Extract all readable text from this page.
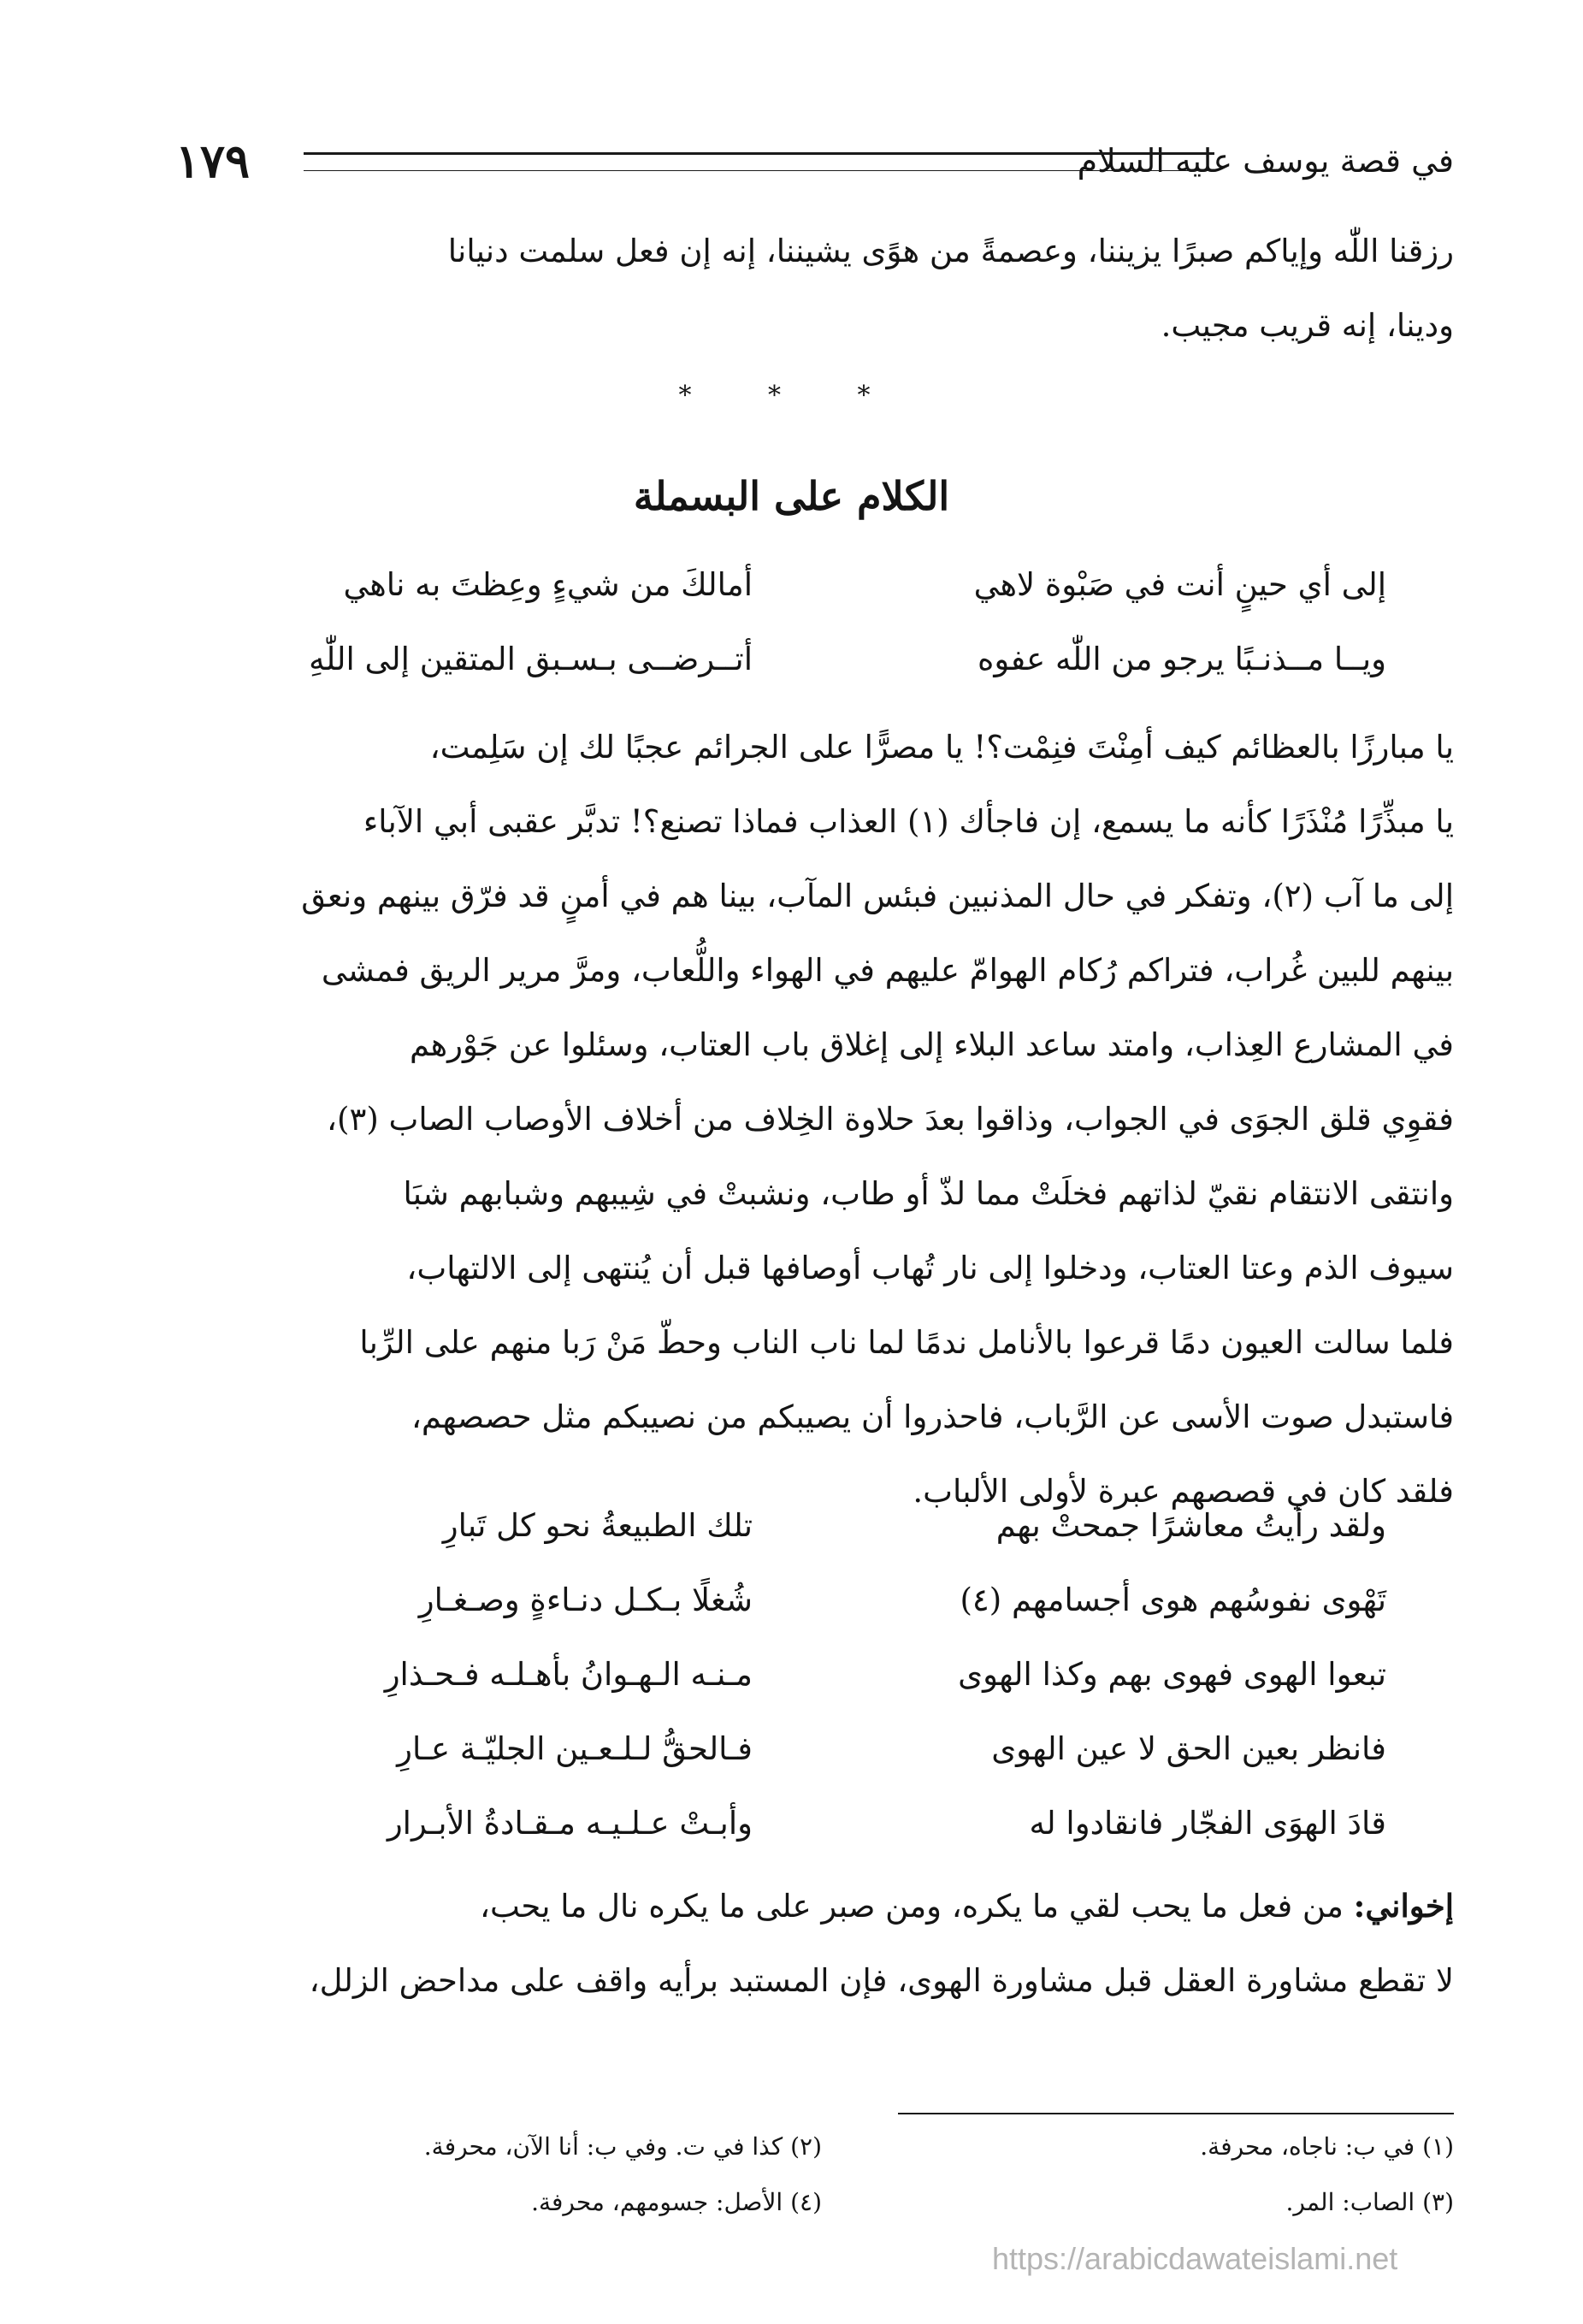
في قصة يوسف عليه السلام
١٧٩
رزقنا اللّٰه وإياكم صبرًا يزيننا، وعصمةً من هوًى يشيننا، إنه إن فعل سلمت دنيانا
ودينا، إنه قريب مجيب.
* * *
الكلام على البسملة
إلى أي حينٍ أنت في صَبْوة لاهي
أمالكَ من شيءٍ وعِظتَ به ناهي
ويــا مــذنـبًا يرجو من اللّٰه عفوه
أتــرضــى بـسـبق المتقين إلى اللّٰهِ
يا مبارزًا بالعظائم كيف أمِنْتَ فنِمْت؟! يا مصرًّا على الجرائم عجبًا لك إن سَلِمت،
يا مبذِّرًا مُنْذَرًا كأنه ما يسمع، إن فاجأك (١) العذاب فماذا تصنع؟! تدبَّر عقبى أبي الآباء
إلى ما آب (٢)، وتفكر في حال المذنبين فبئس المآب، بينا هم في أمنٍ قد فرّق بينهم ونعق
بينهم للبين غُراب، فتراكم رُكام الهوامّ عليهم في الهواء واللُّعاب، ومرَّ مرير الريق فمشى
في المشارع العِذاب، وامتد ساعد البلاء إلى إغلاق باب العتاب، وسئلوا عن جَوْرهم
فقوِي قلق الجوَى في الجواب، وذاقوا بعدَ حلاوة الخِلاف من أخلاف الأوصاب الصاب (٣)،
وانتقى الانتقام نقيّ لذاتهم فخلَتْ مما لذّ أو طاب، ونشبتْ في شِيبهم وشبابهم شبَا
سيوف الذم وعتا العتاب، ودخلوا إلى نار تُهاب أوصافها قبل أن يُنتهى إلى الالتهاب،
فلما سالت العيون دمًا قرعوا بالأنامل ندمًا لما ناب الناب وحطّ مَنْ رَبا منهم على الرِّبا
فاستبدل صوت الأسى عن الرَّباب، فاحذروا أن يصيبكم من نصيبكم مثل حصصهم،
فلقد كان في قصصهم عبرة لأولى الألباب.
ولقد رأيتُ معاشرًا جمحتْ بهم
تلك الطبيعةُ نحو كل تَبارِ
تَهْوى نفوسُهم هوى أجسامهم (٤)
شُغلًا بـكـل دنـاءةٍ وصـغـارِ
تبعوا الهوى فهوى بهم وكذا الهوى
مـنـه الـهـوانُ بأهـلـه فـحـذارِ
فانظر بعين الحق لا عين الهوى
فـالحقُّ لـلـعـين الجليّـة عـارِ
قادَ الهوَى الفجّار فانقادوا له
وأبـتْ عـلـيـه مـقـادةُ الأبـرار
إخواني: من فعل ما يحب لقي ما يكره، ومن صبر على ما يكره نال ما يحب،
لا تقطع مشاورة العقل قبل مشاورة الهوى، فإن المستبد برأيه واقف على مداحض الزلل،
(١) في ب: ناجاه، محرفة.
(٢) كذا في ت. وفي ب: أنا الآن، محرفة.
(٣) الصاب: المر.
(٤) الأصل: جسومهم، محرفة.
https://arabicdawateislami.net
